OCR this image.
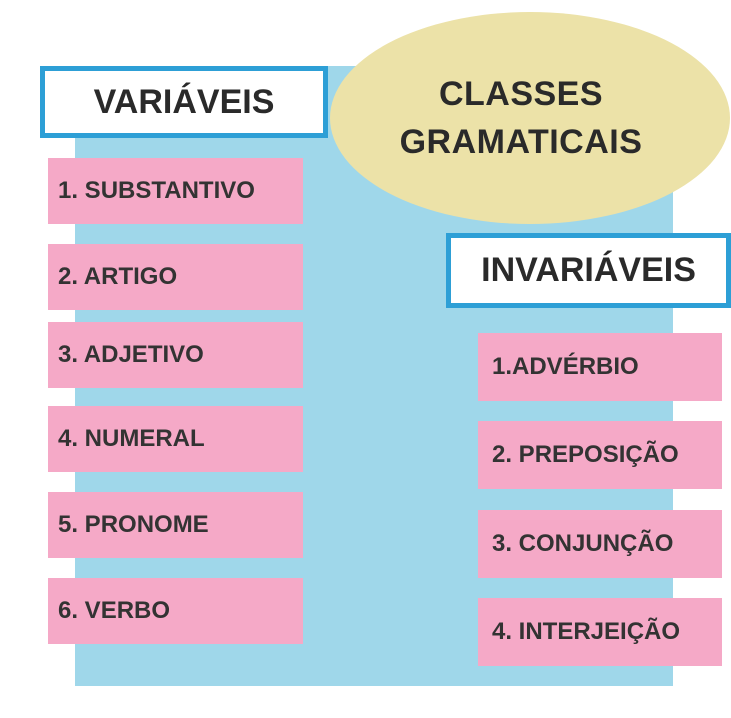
CLASSES
GRAMATICAIS
VARIÁVEIS
1. SUBSTANTIVO
2. ARTIGO
3. ADJETIVO
4. NUMERAL
5. PRONOME
6. VERBO
INVARIÁVEIS
1.ADVÉRBIO
2. PREPOSIÇÃO
3. CONJUNÇÃO
4. INTERJEIÇÃO
